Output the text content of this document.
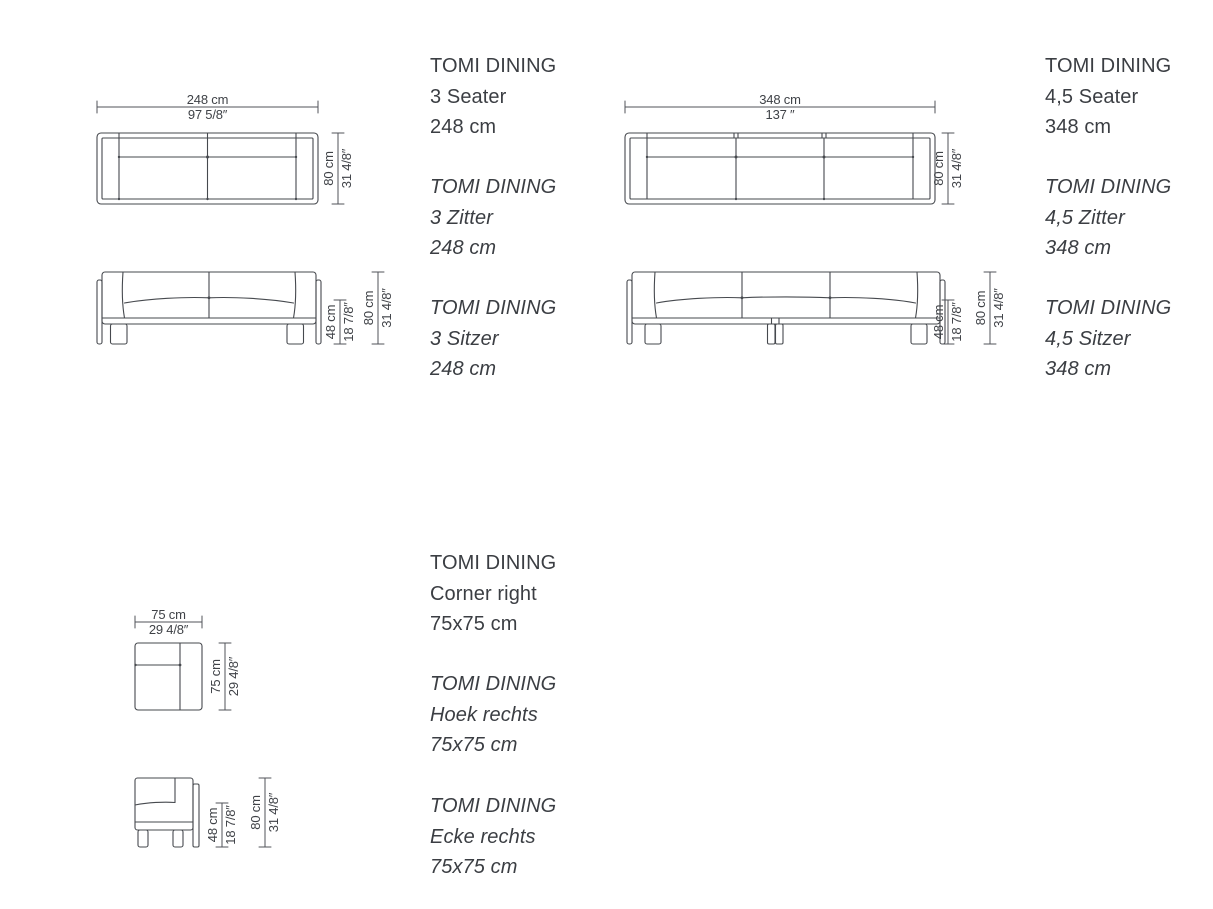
248 cm
97 5/8″
80 cm 31 4/8″
48 cm 18 7/8″ 80 cm 31 4/8″
348 cm
137 ″
80 cm 31 4/8″
48 cm 18 7/8″ 80 cm 31 4/8″
75 cm
29 4/8″
75 cm 29 4/8″
48 cm 18 7/8″ 80 cm 31 4/8″
TOMI DINING
3 Seater
248 cm
TOMI DINING
3 Zitter
248 cm
TOMI DINING
3 Sitzer
248 cm
TOMI DINING
4,5 Seater
348 cm
TOMI DINING
4,5 Zitter
348 cm
TOMI DINING
4,5 Sitzer
348 cm
TOMI DINING
Corner right
75x75 cm
TOMI DINING
Hoek rechts
75x75 cm
TOMI DINING
Ecke rechts
75x75 cm
